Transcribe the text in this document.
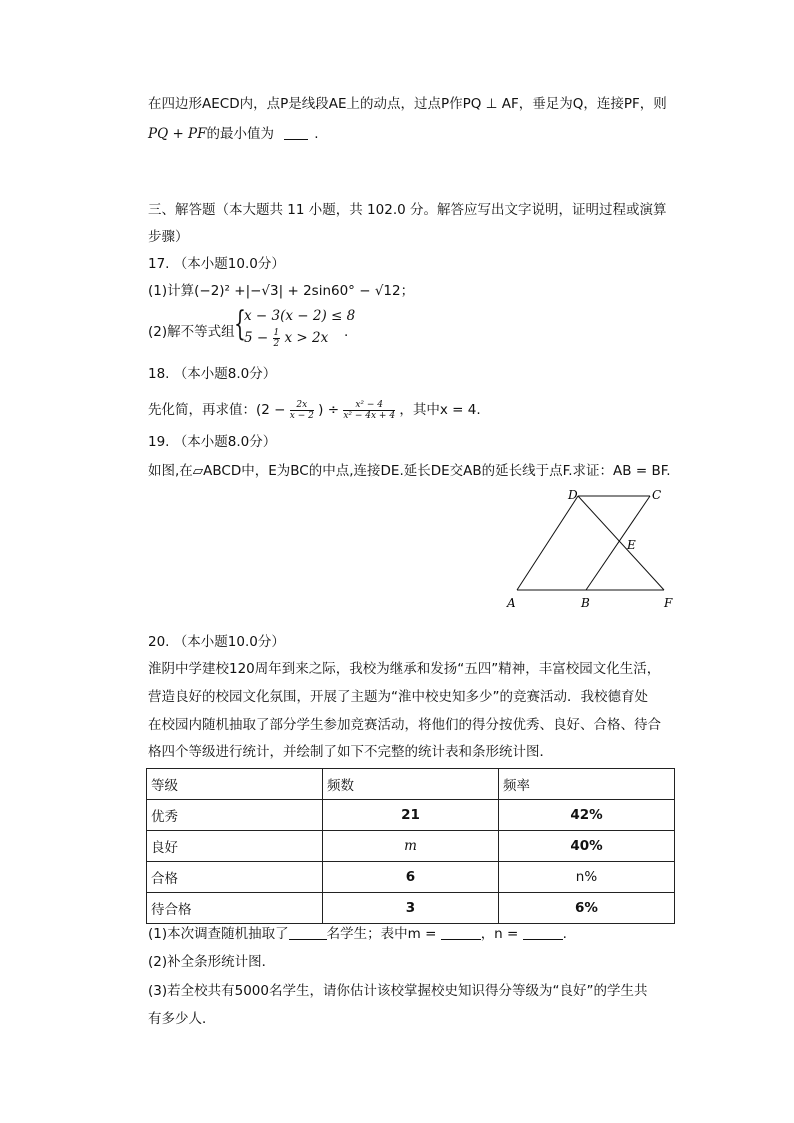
在四边形AECD内，点P是线段AE上的动点，过点P作PQ ⊥ AF，垂足为Q，连接PF，则
PQ + PF的最小值为	.
三、解答题（本大题共 11 小题，共 102.0 分。解答应写出文字说明，证明过程或演算
步骤）
17. （本小题10.0分）
(1)计算(−2)² +|−√3| + 2sin60° − √12；
(2)解不等式组 {
x − 3(x − 2) ≤ 8
$5 - \frac{1}{2}$ x > 2x .
18. （本小题8.0分）
先化简，再求值：($2 - \frac{2x}{x - 2}$ ) ÷ $\frac{\text{x² − 4}}{\text{x² − 4x + 4}}$ ，其中x = 4.
19. （本小题8.0分）
如图,在▱ABCD中，E为BC的中点,连接DE.延长DE交AB的延长线于点F.求证：AB = BF.
D	C
E
A	B	F
20. （本小题10.0分）
淮阴中学建校120周年到来之际，我校为继承和发扬“五四”精神，丰富校园文化生活，
营造良好的校园文化氛围，开展了主题为“淮中校史知多少”的竞赛活动．我校德育处
在校园内随机抽取了部分学生参加竞赛活动，将他们的得分按优秀、良好、合格、待合
格四个等级进行统计，并绘制了如下不完整的统计表和条形统计图．
等级	频数	频率
优秀	21	42%
良好	m	40%
合格	6	n%
待合格	3	6%
(1)本次调查随机抽取了	名学生；表中m =	，n =	.
(2)补全条形统计图．
(3)若全校共有5000名学生，请你估计该校掌握校史知识得分等级为“良好”的学生共
有多少人．
